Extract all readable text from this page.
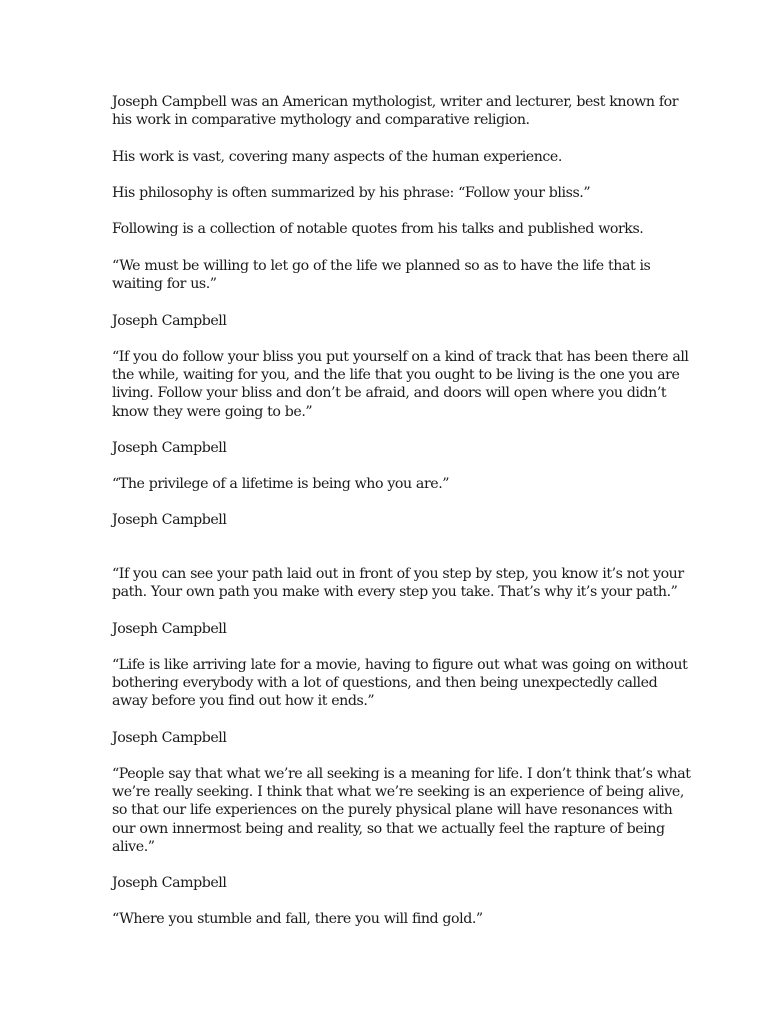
Joseph Campbell was an American mythologist, writer and lecturer, best known for
his work in comparative mythology and comparative religion.

His work is vast, covering many aspects of the human experience.

His philosophy is often summarized by his phrase: “Follow your bliss.”

Following is a collection of notable quotes from his talks and published works.

“We must be willing to let go of the life we planned so as to have the life that is
waiting for us.”

Joseph Campbell

“If you do follow your bliss you put yourself on a kind of track that has been there all
the while, waiting for you, and the life that you ought to be living is the one you are
living. Follow your bliss and don’t be afraid, and doors will open where you didn’t
know they were going to be.”

Joseph Campbell

“The privilege of a lifetime is being who you are.”

Joseph Campbell

“If you can see your path laid out in front of you step by step, you know it’s not your
path. Your own path you make with every step you take. That’s why it’s your path.”

Joseph Campbell

“Life is like arriving late for a movie, having to figure out what was going on without
bothering everybody with a lot of questions, and then being unexpectedly called
away before you find out how it ends.”

Joseph Campbell

“People say that what we’re all seeking is a meaning for life. I don’t think that’s what
we’re really seeking. I think that what we’re seeking is an experience of being alive,
so that our life experiences on the purely physical plane will have resonances with
our own innermost being and reality, so that we actually feel the rapture of being
alive.”

Joseph Campbell

“Where you stumble and fall, there you will find gold.”
